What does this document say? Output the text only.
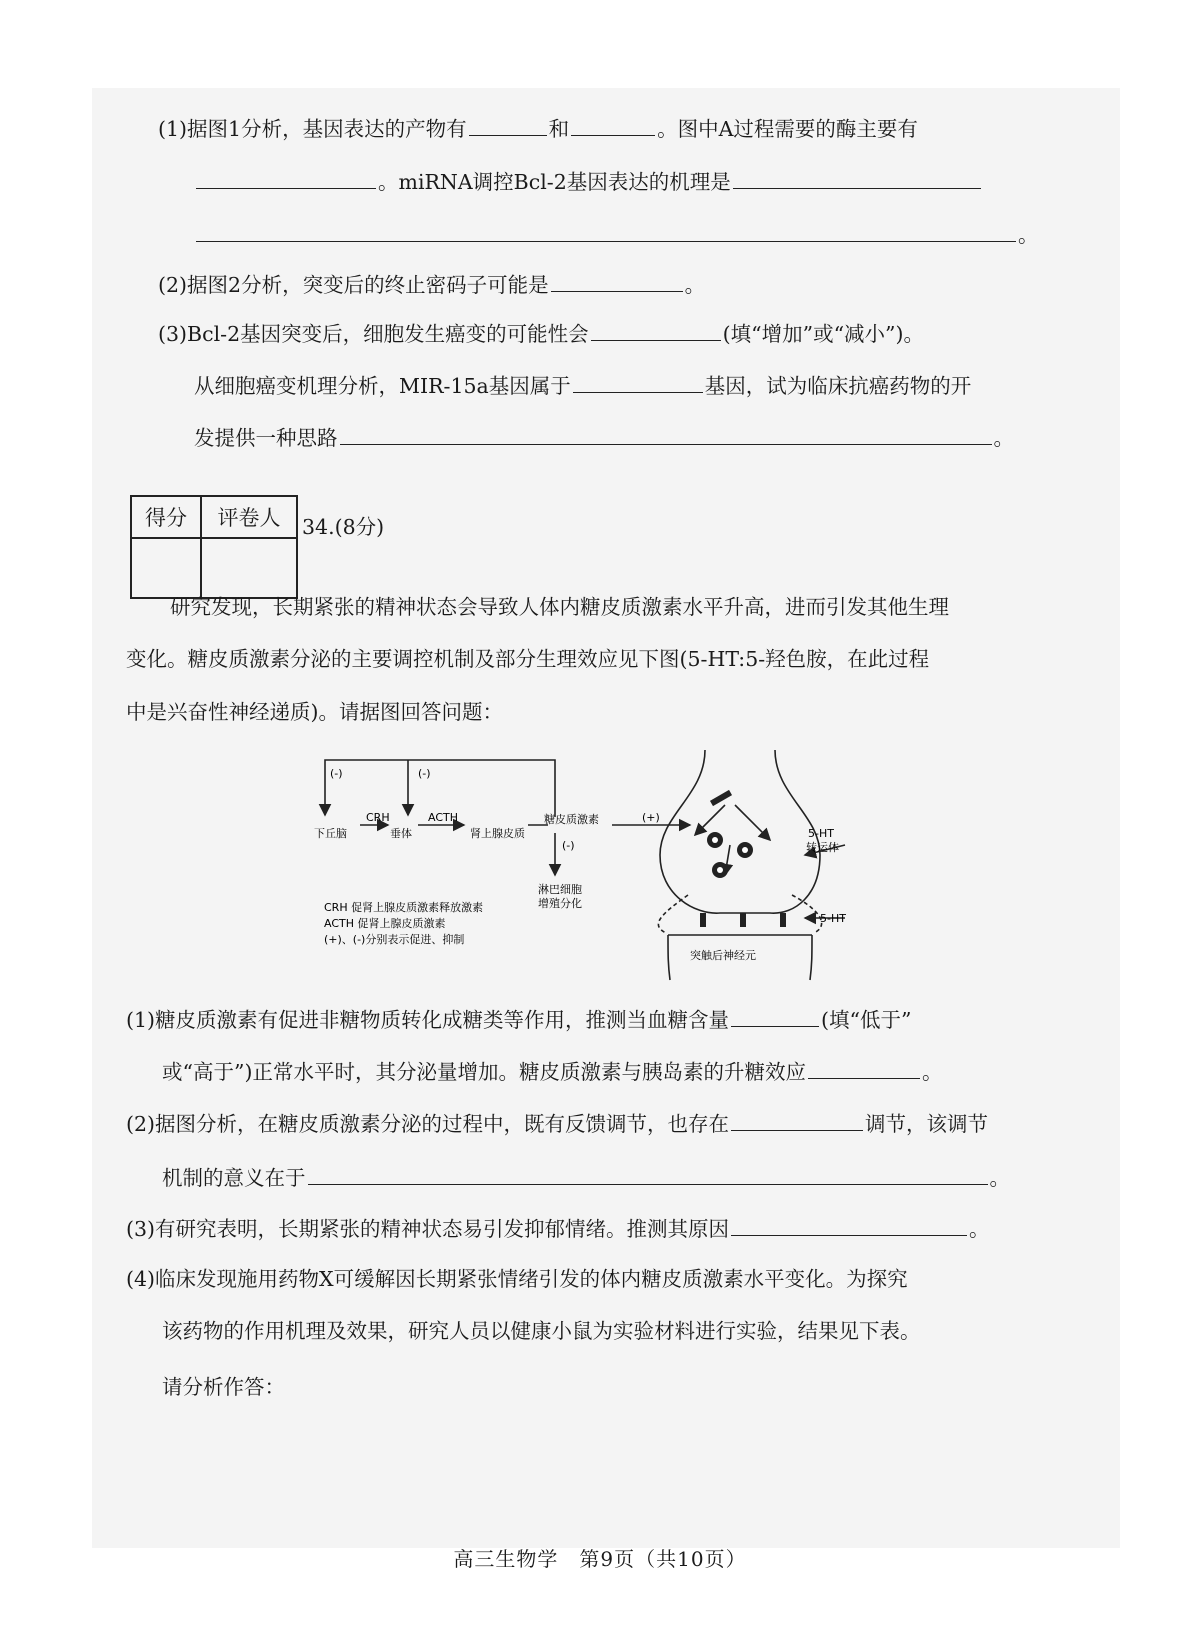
(1)据图1分析，基因表达的产物有	和	。图中A过程需要的酶主要有
。miRNA调控Bcl-2基因表达的机理是
。
(2)据图2分析，突变后的终止密码子可能是	。
(3)Bcl-2基因突变后，细胞发生癌变的可能性会	(填“增加”或“减小”)。
从细胞癌变机理分析，MIR-15a基因属于	基因，试为临床抗癌药物的开
发提供一种思路	。
得分	评卷人
	34.(8分)
研究发现，长期紧张的精神状态会导致人体内糖皮质激素水平升高，进而引发其他生理
变化。糖皮质激素分泌的主要调控机制及部分生理效应见下图(5-HT:5-羟色胺，在此过程
中是兴奋性神经递质)。请据图回答问题：
(-)	(-)
(-)
(+)
下丘脑
CRH
垂体
ACTH
肾上腺皮质
糖皮质激素
淋巴细胞
增殖分化
5-HT
转运体
5-HT
突触后神经元
CRH 促肾上腺皮质激素释放激素
ACTH 促肾上腺皮质激素
(+)、(-)分别表示促进、抑制
(1)糖皮质激素有促进非糖物质转化成糖类等作用，推测当血糖含量	(填“低于”
或“高于”)正常水平时，其分泌量增加。糖皮质激素与胰岛素的升糖效应	。
(2)据图分析，在糖皮质激素分泌的过程中，既有反馈调节，也存在	调节，该调节
机制的意义在于	。
(3)有研究表明，长期紧张的精神状态易引发抑郁情绪。推测其原因	。
(4)临床发现施用药物X可缓解因长期紧张情绪引发的体内糖皮质激素水平变化。为探究
该药物的作用机理及效果，研究人员以健康小鼠为实验材料进行实验，结果见下表。
请分析作答：
高三生物学　第9页（共10页）
